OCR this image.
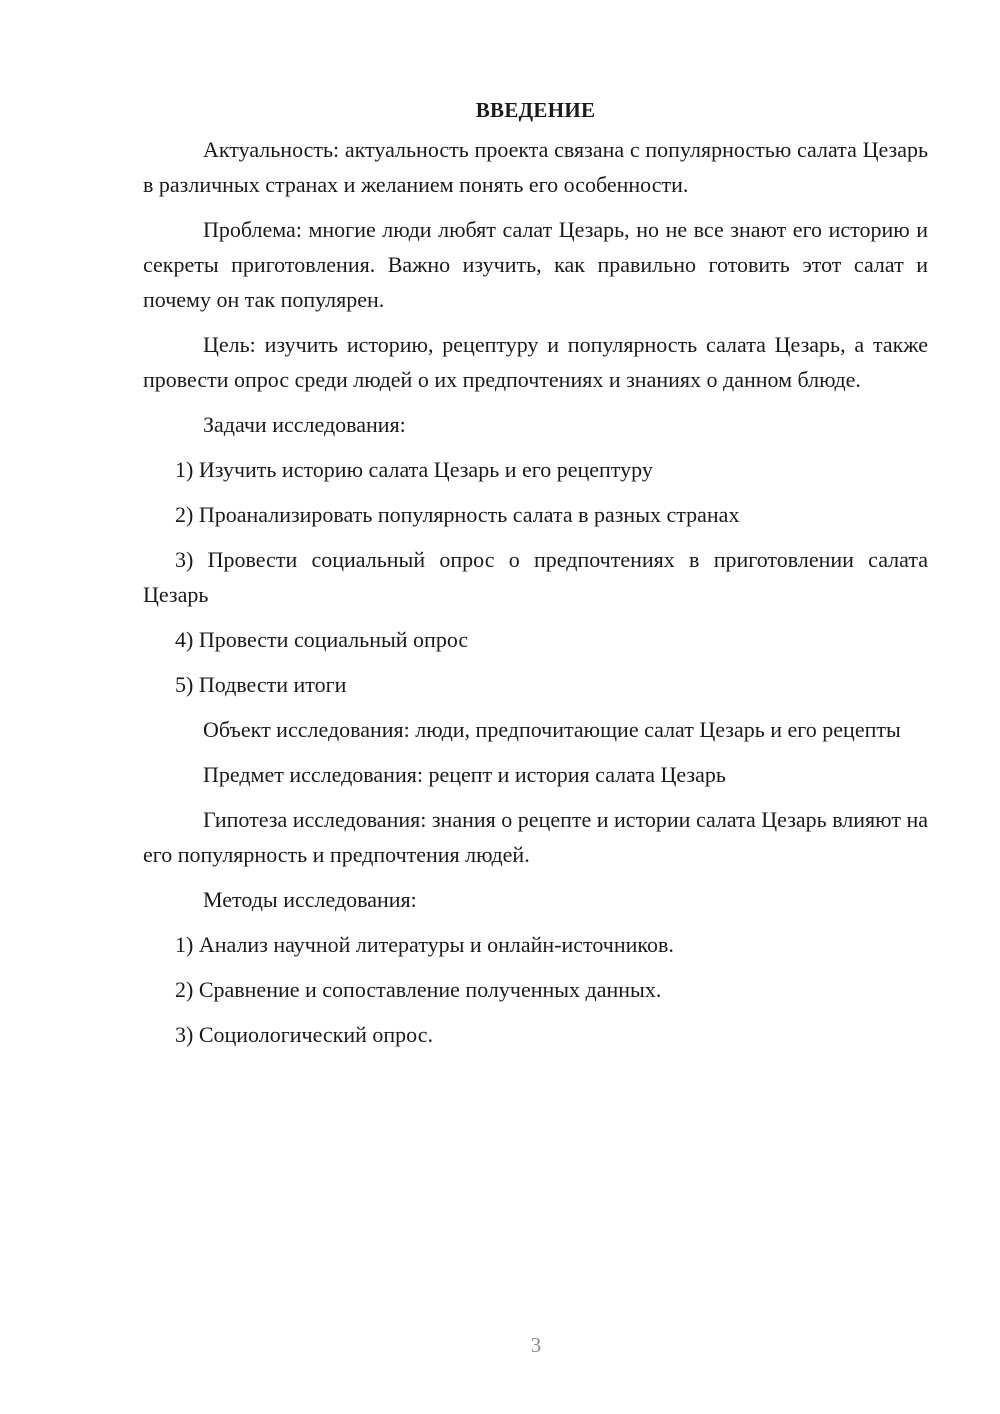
ВВЕДЕНИЕ

Актуальность: актуальность проекта связана с популярностью салата Цезарь в различных странах и желанием понять его особенности.

Проблема: многие люди любят салат Цезарь, но не все знают его историю и секреты приготовления. Важно изучить, как правильно готовить этот салат и почему он так популярен.

Цель: изучить историю, рецептуру и популярность салата Цезарь, а также провести опрос среди людей о их предпочтениях и знаниях о данном блюде.

Задачи исследования:

1) Изучить историю салата Цезарь и его рецептуру

2) Проанализировать популярность салата в разных странах

3) Провести социальный опрос о предпочтениях в приготовлении салата Цезарь

4) Провести социальный опрос

5) Подвести итоги

Объект исследования: люди, предпочитающие салат Цезарь и его рецепты

Предмет исследования: рецепт и история салата Цезарь

Гипотеза исследования: знания о рецепте и истории салата Цезарь влияют на его популярность и предпочтения людей.

Методы исследования:

1) Анализ научной литературы и онлайн-источников.

2) Сравнение и сопоставление полученных данных.

3) Социологический опрос.

3
